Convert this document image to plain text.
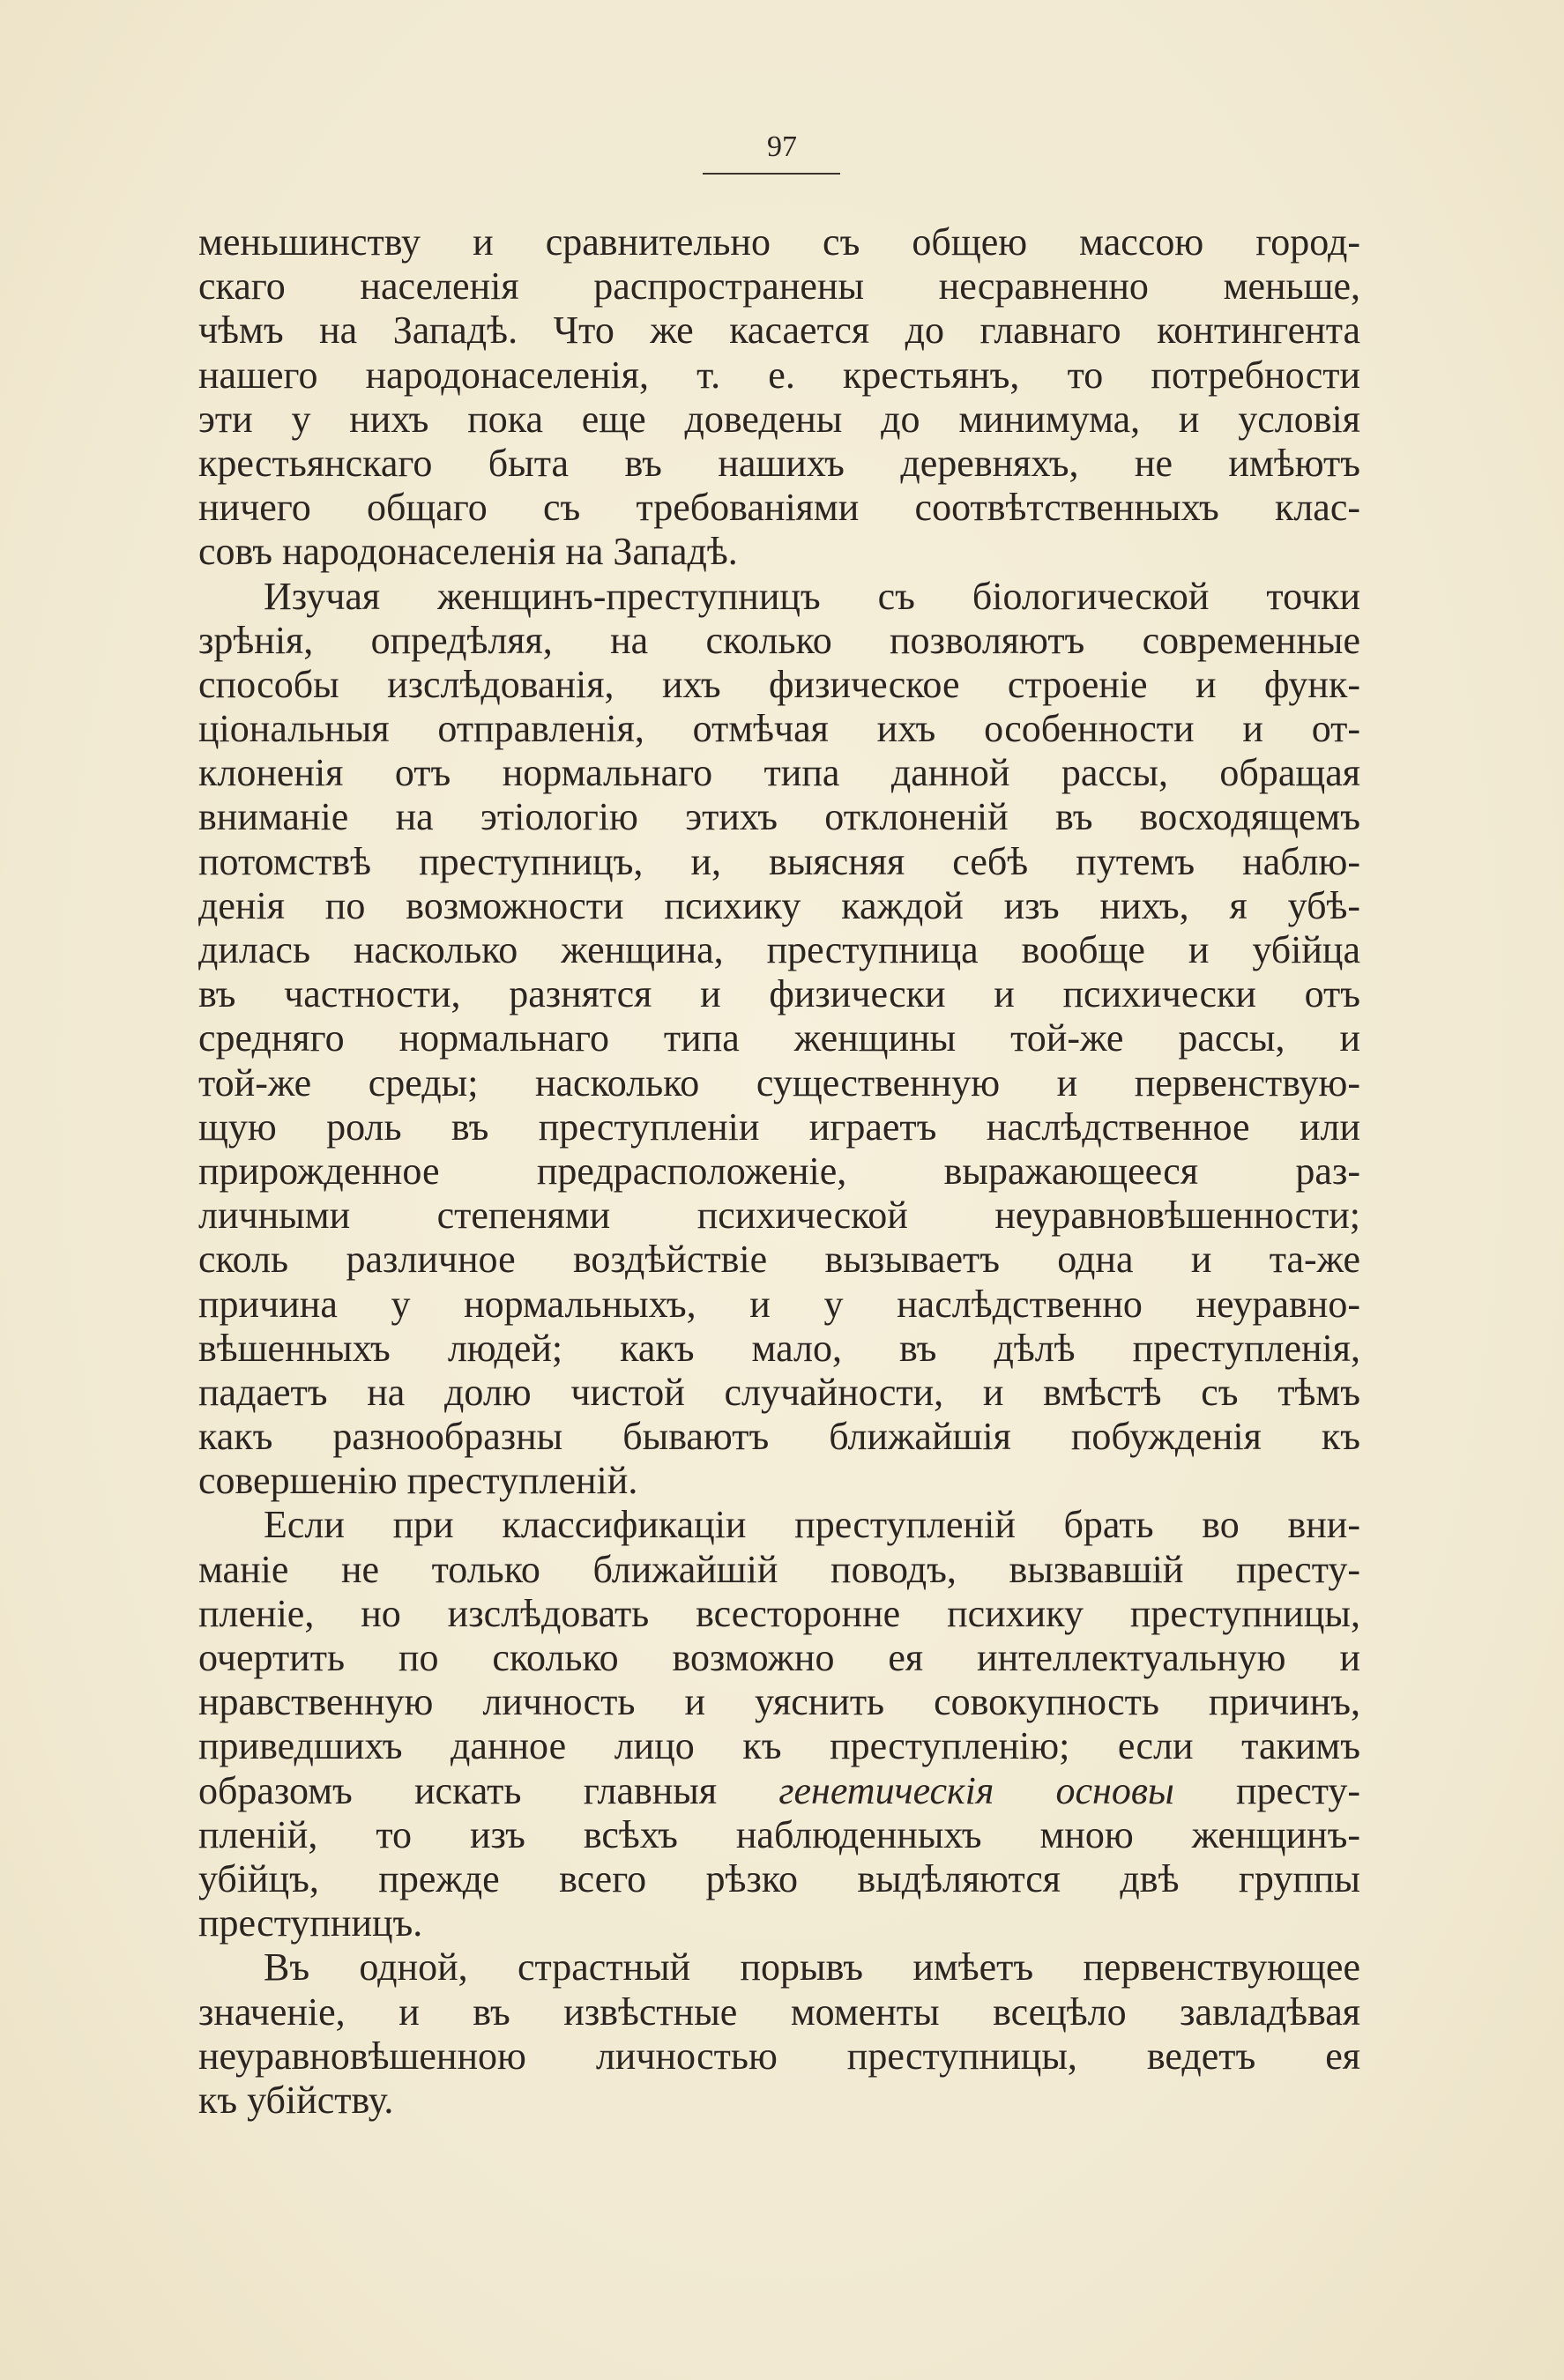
97
меньшинству и сравнительно съ общею массою город-
скаго населенія распространены несравненно меньше,
чѣмъ на Западѣ. Что же касается до главнаго контингента
нашего народонаселенія, т. е. крестьянъ, то потребности
эти у нихъ пока еще доведены до минимума, и условія
крестьянскаго быта въ нашихъ деревняхъ, не имѣютъ
ничего общаго съ требованіями соотвѣтственныхъ клас-
совъ народонаселенія на Западѣ.
Изучая женщинъ-преступницъ съ біологической точки
зрѣнія, опредѣляя, на сколько позволяютъ современные
способы изслѣдованія, ихъ физическое строеніе и функ-
ціональныя отправленія, отмѣчая ихъ особенности и от-
клоненія отъ нормальнаго типа данной рассы, обращая
вниманіе на этіологію этихъ отклоненій въ восходящемъ
потомствѣ преступницъ, и, выясняя себѣ путемъ наблю-
денія по возможности психику каждой изъ нихъ, я убѣ-
дилась насколько женщина, преступница вообще и убійца
въ частности, разнятся и физически и психически отъ
средняго нормальнаго типа женщины той-же рассы, и
той-же среды; насколько существенную и первенствую-
щую роль въ преступленіи играетъ наслѣдственное или
прирожденное предрасположеніе, выражающееся раз-
личными степенями психической неуравновѣшенности;
сколь различное воздѣйствіе вызываетъ одна и та-же
причина у нормальныхъ, и у наслѣдственно неуравно-
вѣшенныхъ людей; какъ мало, въ дѣлѣ преступленія,
падаетъ на долю чистой случайности, и вмѣстѣ съ тѣмъ
какъ разнообразны бываютъ ближайшія побужденія къ
совершенію преступленій.
Если при классификаціи преступленій брать во вни-
маніе не только ближайшій поводъ, вызвавшій престу-
пленіе, но изслѣдовать всесторонне психику преступницы,
очертить по сколько возможно ея интеллектуальную и
нравственную личность и уяснить совокупность причинъ,
приведшихъ данное лицо къ преступленію; если такимъ
образомъ искать главныя генетическія основы престу-
пленій, то изъ всѣхъ наблюденныхъ мною женщинъ-
убійцъ, прежде всего рѣзко выдѣляются двѣ группы
преступницъ.
Въ одной, страстный порывъ имѣетъ первенствующее
значеніе, и въ извѣстные моменты всецѣло завладѣвая
неуравновѣшенною личностью преступницы, ведетъ ея
къ убійству.
